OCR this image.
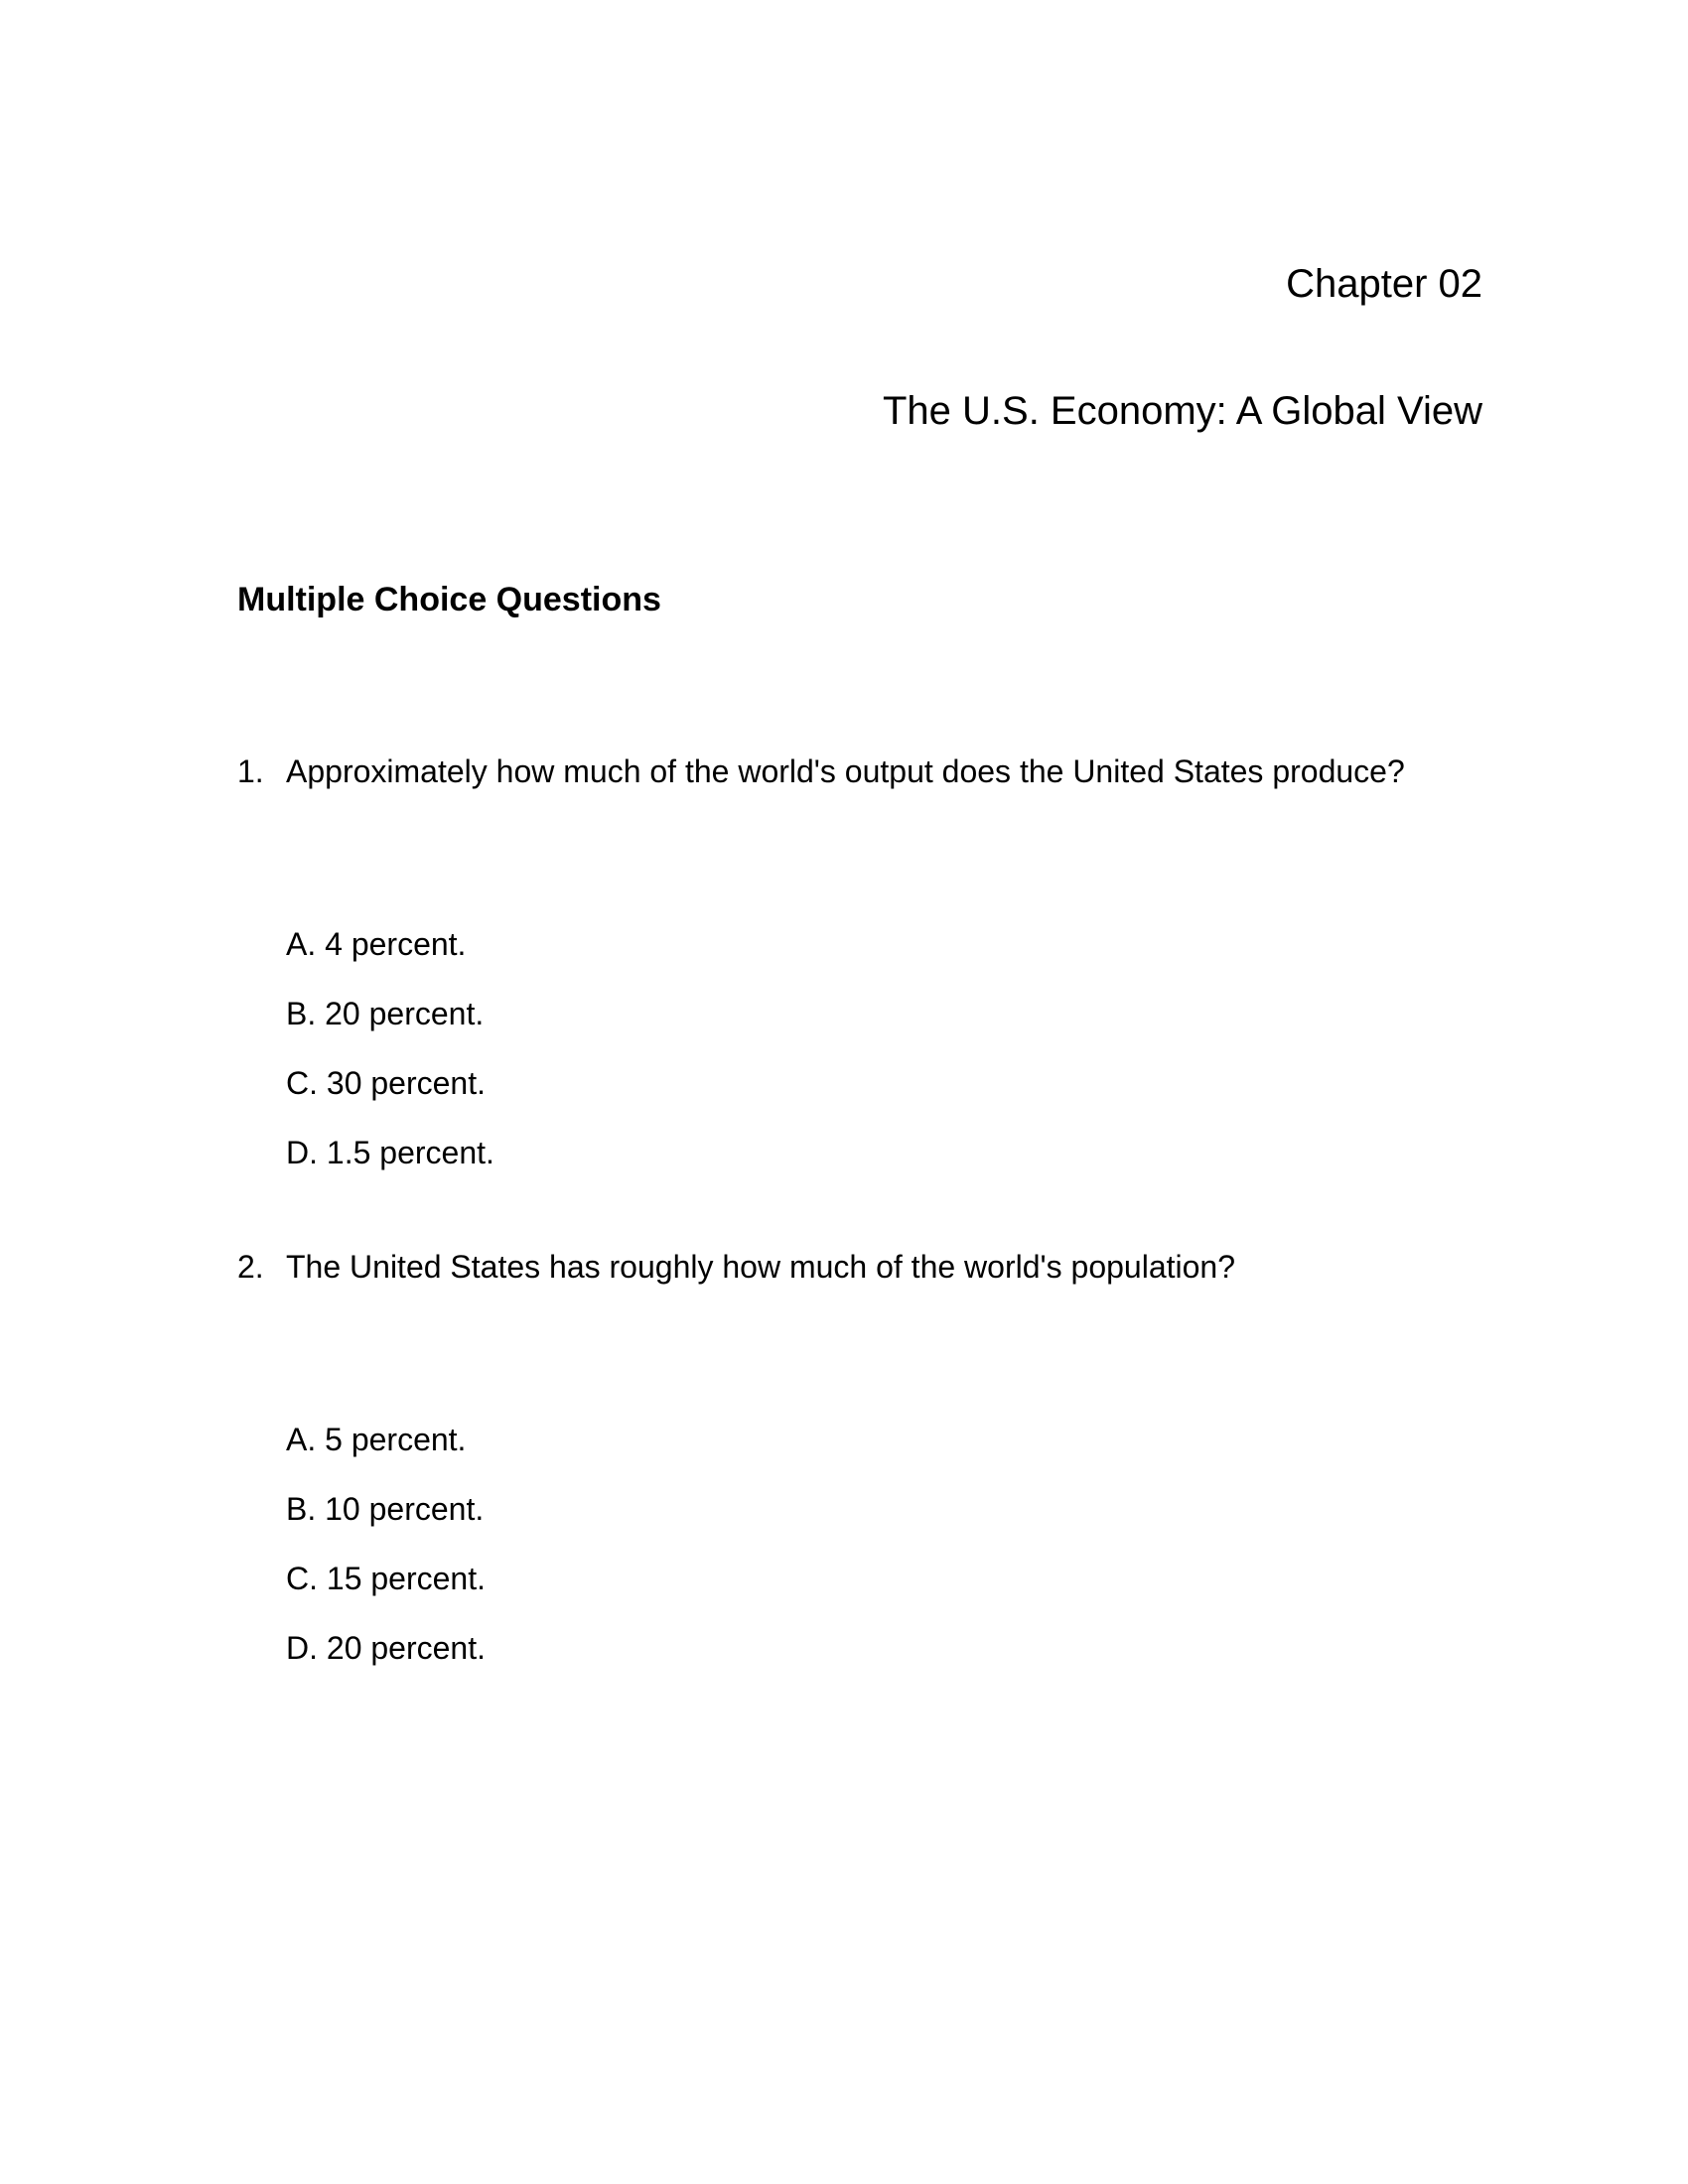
Chapter 02
The U.S. Economy: A Global View
Multiple Choice Questions
1. Approximately how much of the world's output does the United States produce?
A. 4 percent.
B. 20 percent.
C. 30 percent.
D. 1.5 percent.
2. The United States has roughly how much of the world's population?
A. 5 percent.
B. 10 percent.
C. 15 percent.
D. 20 percent.
